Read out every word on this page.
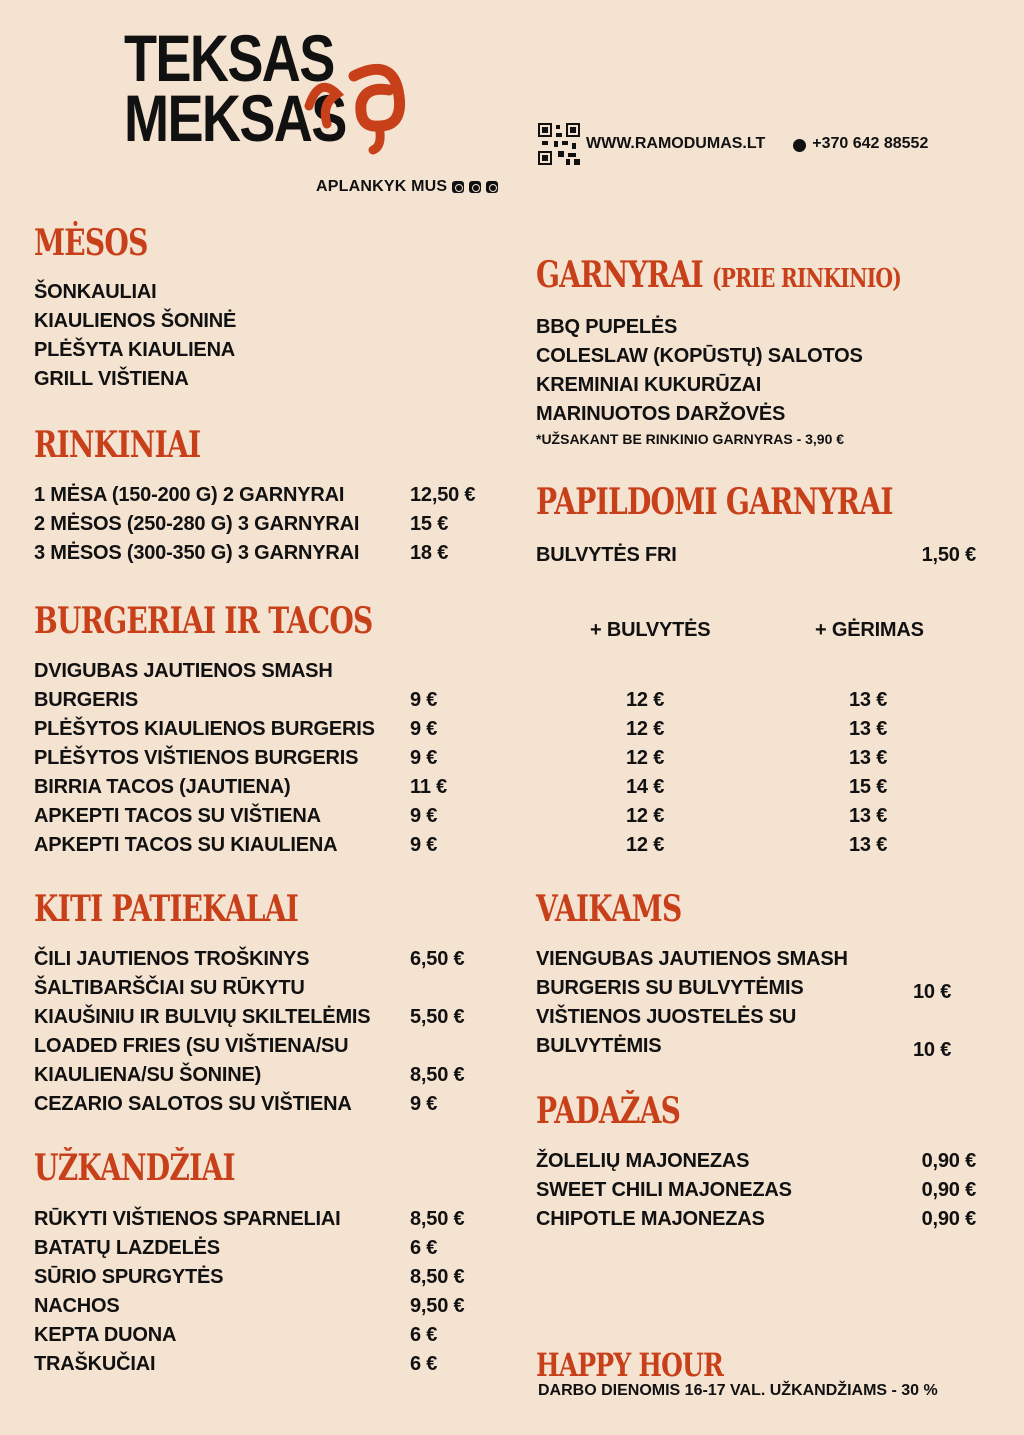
TEKSAS
MEKSAS
APLANKYK MUS
WWW.RAMODUMAS.LT	+370 642 88552
MĖSOS
ŠONKAULIAI
KIAULIENOS ŠONINĖ
PLĖŠYTA KIAULIENA
GRILL VIŠTIENA
RINKINIAI
1 MĖSA (150-200 G) 2 GARNYRAI	12,50 €
2 MĖSOS (250-280 G) 3 GARNYRAI	15 €
3 MĖSOS (300-350 G) 3 GARNYRAI	18 €
BURGERIAI IR TACOS	+ BULVYTĖS	+ GĖRIMAS
DVIGUBAS JAUTIENOS SMASH
BURGERIS	9 €	12 €	13 €
PLĖŠYTOS KIAULIENOS BURGERIS 9 €	12 €	13 €
PLĖŠYTOS VIŠTIENOS BURGERIS	9 €	12 €	13 €
BIRRIA TACOS (JAUTIENA)	11 €	14 €	15 €
APKEPTI TACOS SU VIŠTIENA	9 €	12 €	13 €
APKEPTI TACOS SU KIAULIENA	9 €	12 €	13 €
KITI PATIEKALAI
ČILI JAUTIENOS TROŠKINYS	6,50 €
ŠALTIBARŠČIAI SU RŪKYTU
KIAUŠINIU IR BULVIŲ SKILTELĖMIS 5,50 €
LOADED FRIES (SU VIŠTIENA/SU
KIAULIENA/SU ŠONINE)	8,50 €
CEZARIO SALOTOS SU VIŠTIENA	9 €
UŽKANDŽIAI
RŪKYTI VIŠTIENOS SPARNELIAI	8,50 €
BATATŲ LAZDELĖS	6 €
SŪRIO SPURGYTĖS	8,50 €
NACHOS	9,50 €
KEPTA DUONA	6 €
TRAŠKUČIAI	6 €
GARNYRAI (PRIE RINKINIO)
BBQ PUPELĖS
COLESLAW (KOPŪSTŲ) SALOTOS
KREMINIAI KUKURŪZAI
MARINUOTOS DARŽOVĖS
*UŽSAKANT BE RINKINIO GARNYRAS - 3,90 €
PAPILDOMI GARNYRAI
BULVYTĖS FRI	1,50 €
VAIKAMS
VIENGUBAS JAUTIENOS SMASH
BURGERIS SU BULVYTĖMIS	10 €
VIŠTIENOS JUOSTELĖS SU
BULVYTĖMIS	10 €
PADAŽAS
ŽOLELIŲ MAJONEZAS	0,90 €
SWEET CHILI MAJONEZAS	0,90 €
CHIPOTLE MAJONEZAS	0,90 €
HAPPY HOUR
DARBO DIENOMIS 16-17 VAL. UŽKANDŽIAMS - 30 %
